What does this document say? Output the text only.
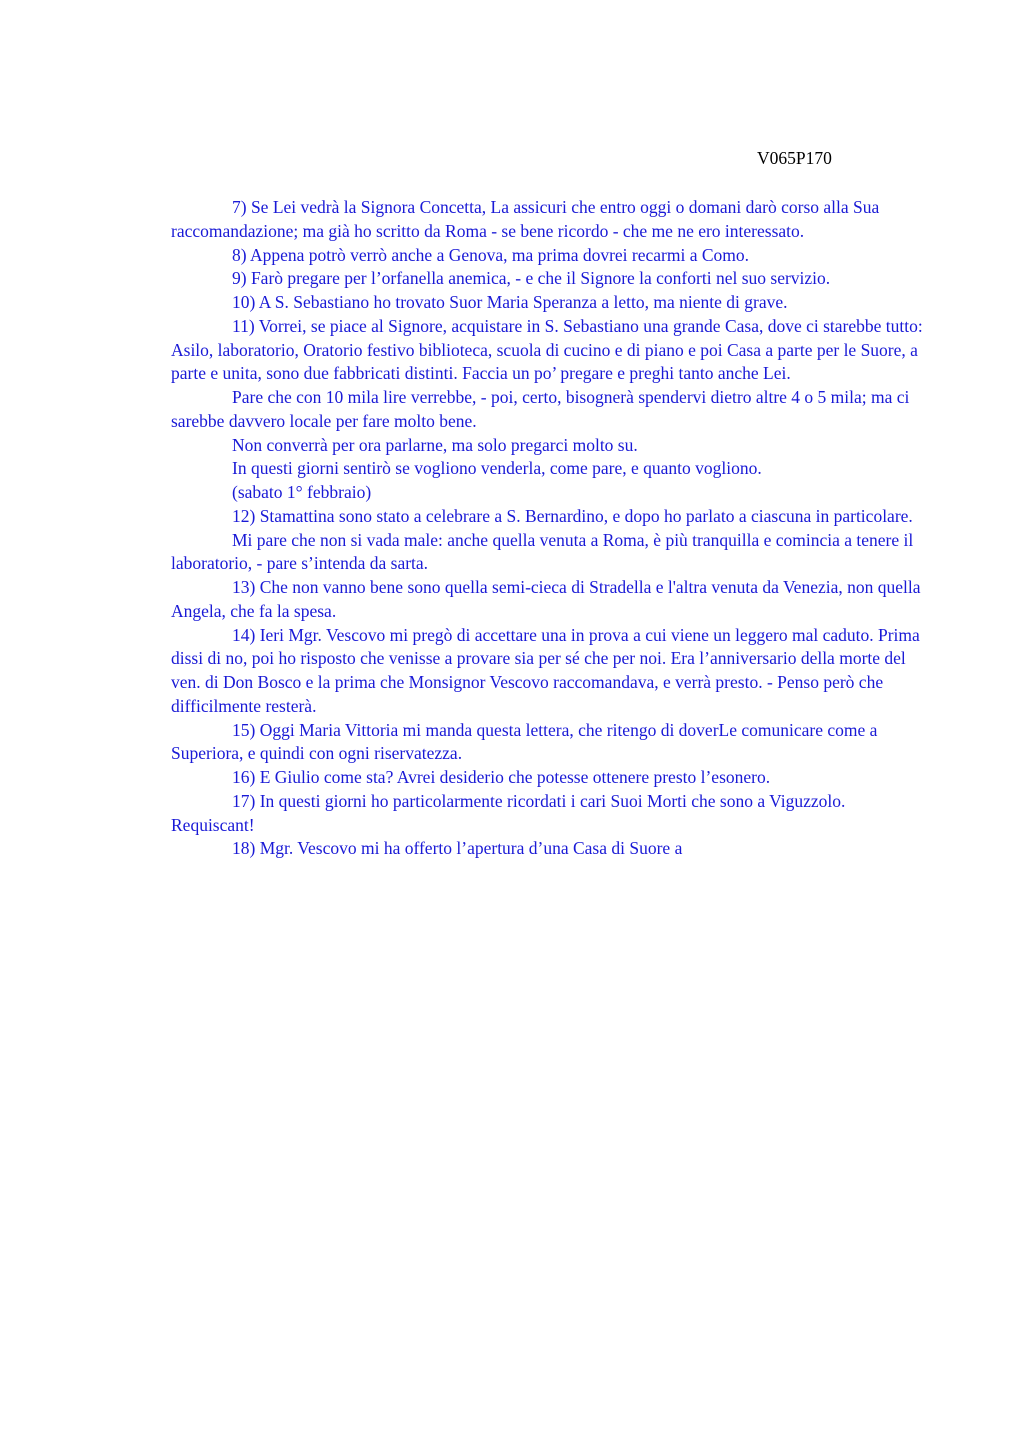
V065P170

7) Se Lei vedrà la Signora Concetta, La assicuri che entro oggi o domani darò corso alla Sua raccomandazione; ma già ho scritto da Roma - se bene ricordo - che me ne ero interessato.

8) Appena potrò verrò anche a Genova, ma prima dovrei recarmi a Como.

9) Farò pregare per l’orfanella anemica, - e che il Signore la conforti nel suo servizio.

10) A S. Sebastiano ho trovato Suor Maria Speranza a letto, ma niente di grave.

11) Vorrei, se piace al Signore, acquistare in S. Sebastiano una grande Casa, dove ci starebbe tutto: Asilo, laboratorio, Oratorio festivo biblioteca, scuola di cucino e di piano e poi Casa a parte per le Suore, a parte e unita, sono due fabbricati distinti. Faccia un po’ pregare e preghi tanto anche Lei.

Pare che con 10 mila lire verrebbe, - poi, certo, bisognerà spendervi dietro altre 4 o 5 mila; ma ci sarebbe davvero locale per fare molto bene.

Non converrà per ora parlarne, ma solo pregarci molto su.

In questi giorni sentirò se vogliono venderla, come pare, e quanto vogliono.

(sabato 1° febbraio)

12) Stamattina sono stato a celebrare a S. Bernardino, e dopo ho parlato a ciascuna in particolare.

Mi pare che non si vada male: anche quella venuta a Roma, è più tranquilla e comincia a tenere il laboratorio, - pare s’intenda da sarta.

13) Che non vanno bene sono quella semi-cieca di Stradella e l'altra venuta da Venezia, non quella Angela, che fa la spesa.

14) Ieri Mgr. Vescovo mi pregò di accettare una in prova a cui viene un leggero mal caduto. Prima dissi di no, poi ho risposto che venisse a provare sia per sé che per noi. Era l’anniversario della morte del ven. di Don Bosco e la prima che Monsignor Vescovo raccomandava, e verrà presto. - Penso però che difficilmente resterà.

15) Oggi Maria Vittoria mi manda questa lettera, che ritengo di doverLe comunicare come a Superiora, e quindi con ogni riservatezza.

16) E Giulio come sta? Avrei desiderio che potesse ottenere presto l’esonero.

17) In questi giorni ho particolarmente ricordati i cari Suoi Morti che sono a Viguzzolo. Requiscant!

18) Mgr. Vescovo mi ha offerto l’apertura d’una Casa di Suore a
